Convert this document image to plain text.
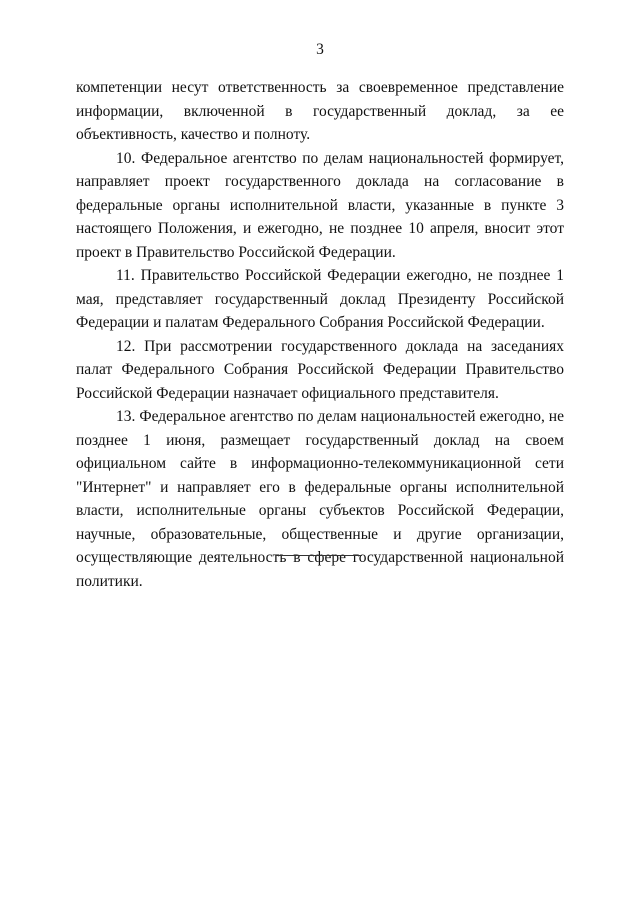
3

компетенции несут ответственность за своевременное представление информации, включенной в государственный доклад, за ее объективность, качество и полноту.

10. Федеральное агентство по делам национальностей формирует, направляет проект государственного доклада на согласование в федеральные органы исполнительной власти, указанные в пункте 3 настоящего Положения, и ежегодно, не позднее 10 апреля, вносит этот проект в Правительство Российской Федерации.

11. Правительство Российской Федерации ежегодно, не позднее 1 мая, представляет государственный доклад Президенту Российской Федерации и палатам Федерального Собрания Российской Федерации.

12. При рассмотрении государственного доклада на заседаниях палат Федерального Собрания Российской Федерации Правительство Российской Федерации назначает официального представителя.

13. Федеральное агентство по делам национальностей ежегодно, не позднее 1 июня, размещает государственный доклад на своем официальном сайте в информационно-телекоммуникационной сети "Интернет" и направляет его в федеральные органы исполнительной власти, исполнительные органы субъектов Российской Федерации, научные, образовательные, общественные и другие организации, осуществляющие деятельность в сфере государственной национальной политики.
